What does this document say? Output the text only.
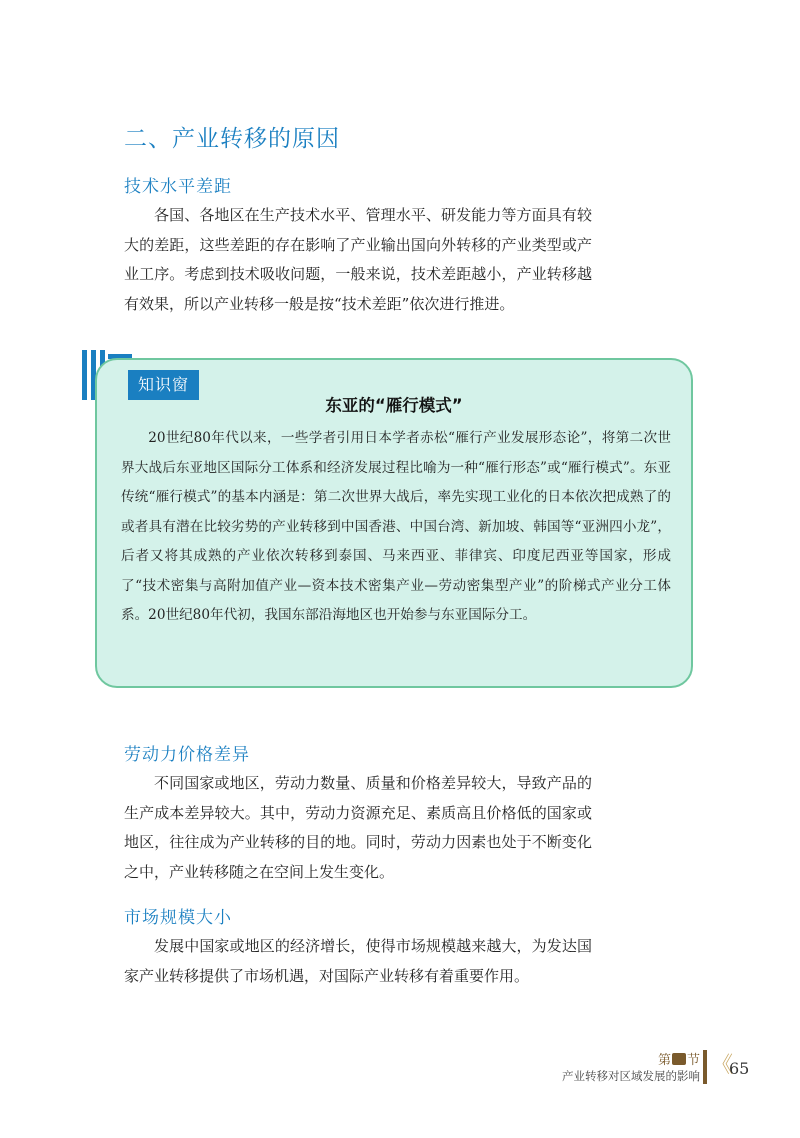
二、产业转移的原因
技术水平差距

各国、各地区在生产技术水平、管理水平、研发能力等方面具有较大的差距，这些差距的存在影响了产业输出国向外转移的产业类型或产业工序。考虑到技术吸收问题，一般来说，技术差距越小，产业转移越有效果，所以产业转移一般是按“技术差距”依次进行推进。

东亚的“雁行模式”

20世纪80年代以来，一些学者引用日本学者赤松“雁行产业发展形态论”，将第二次世界大战后东亚地区国际分工体系和经济发展过程比喻为一种“雁行形态”或“雁行模式”。东亚传统“雁行模式”的基本内涵是：第二次世界大战后，率先实现工业化的日本依次把成熟了的或者具有潜在比较劣势的产业转移到中国香港、中国台湾、新加坡、韩国等“亚洲四小龙”，后者又将其成熟的产业依次转移到泰国、马来西亚、菲律宾、印度尼西亚等国家，形成了“技术密集与高附加值产业—资本技术密集产业—劳动密集型产业”的阶梯式产业分工体系。20世纪80年代初，我国东部沿海地区也开始参与东亚国际分工。

知识窗
劳动力价格差异

不同国家或地区，劳动力数量、质量和价格差异较大，导致产品的生产成本差异较大。其中，劳动力资源充足、素质高且价格低的国家或地区，往往成为产业转移的目的地。同时，劳动力因素也处于不断变化之中，产业转移随之在空间上发生变化。

市场规模大小

发展中国家或地区的经济增长，使得市场规模越来越大，为发达国家产业转移提供了市场机遇，对国际产业转移有着重要作用。

第 节
产业转移对区域发展的影响 《
65
